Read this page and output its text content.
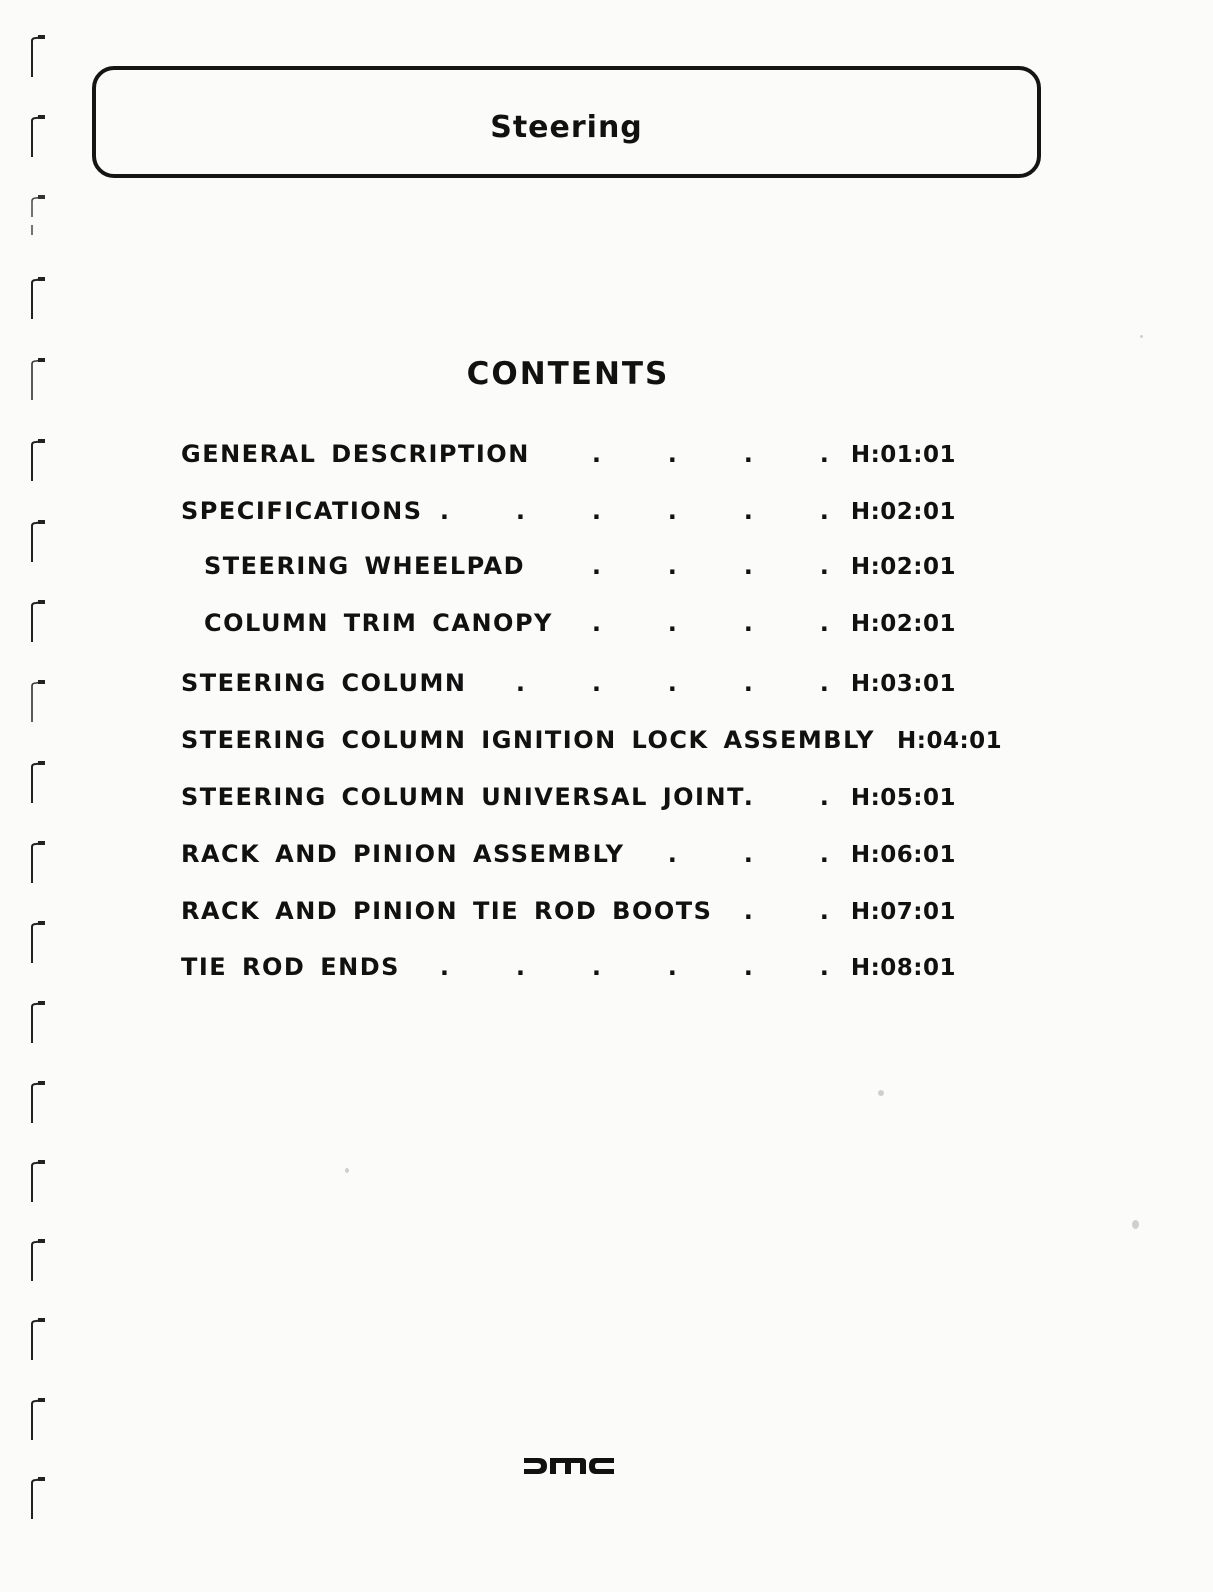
Steering
CONTENTS
GENERAL DESCRIPTION .	H:01:01
SPECIFICATIONS .	H:02:01
STEERING WHEELPAD .	H:02:01
COLUMN TRIM CANOPY .	H:02:01
STEERING COLUMN .	H:03:01
STEERING COLUMN IGNITION LOCK ASSEMBLY . H:04:01
STEERING COLUMN UNIVERSAL JOINT .	H:05:01
RACK AND PINION ASSEMBLY .	H:06:01
RACK AND PINION TIE ROD BOOTS .	H:07:01
TIE ROD ENDS .	H:08:01
